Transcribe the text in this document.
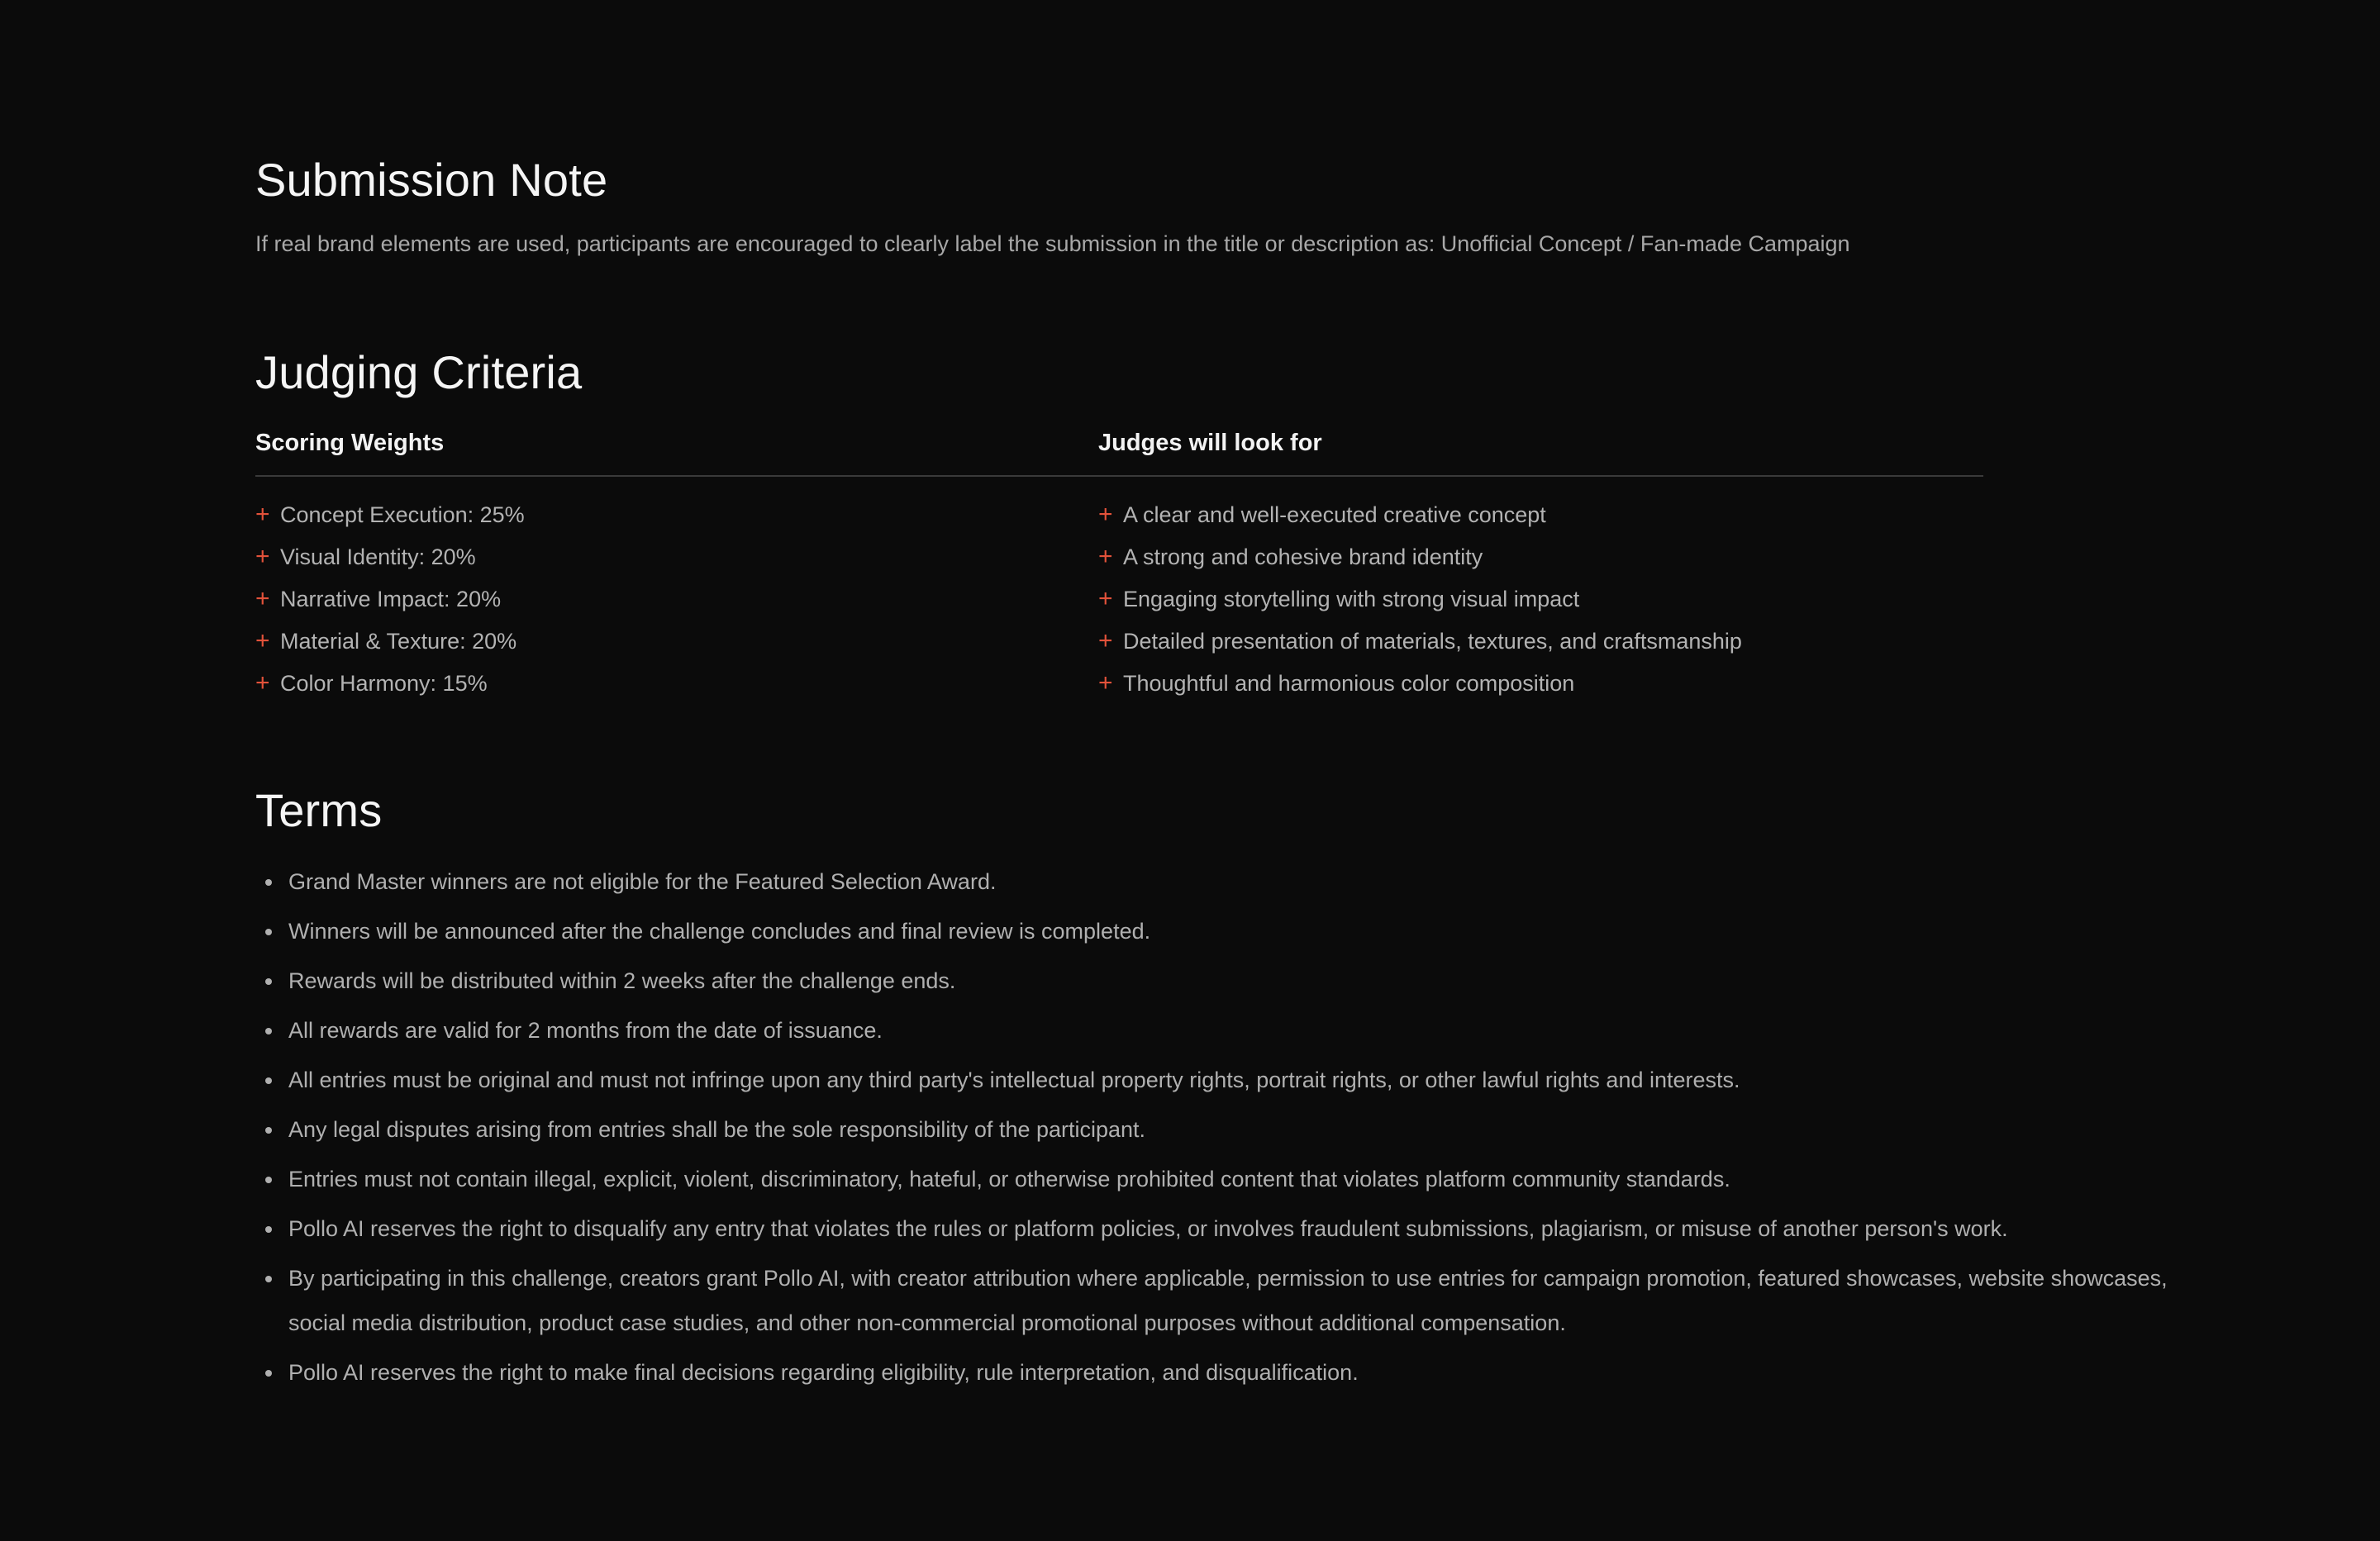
Submission Note

If real brand elements are used, participants are encouraged to clearly label the submission in the title or description as: Unofficial Concept / Fan-made Campaign

Judging Criteria
Scoring Weights
+ Concept Execution: 25%
+ Visual Identity: 20%
+ Narrative Impact: 20%
+ Material & Texture: 20%
+ Color Harmony: 15%
Judges will look for
+ A clear and well-executed creative concept
+ A strong and cohesive brand identity
+ Engaging storytelling with strong visual impact
+ Detailed presentation of materials, textures, and craftsmanship
+ Thoughtful and harmonious color composition
Terms
Grand Master winners are not eligible for the Featured Selection Award.
Winners will be announced after the challenge concludes and final review is completed.
Rewards will be distributed within 2 weeks after the challenge ends.
All rewards are valid for 2 months from the date of issuance.
All entries must be original and must not infringe upon any third party's intellectual property rights, portrait rights, or other lawful rights and interests.
Any legal disputes arising from entries shall be the sole responsibility of the participant.
Entries must not contain illegal, explicit, violent, discriminatory, hateful, or otherwise prohibited content that violates platform community standards.
Pollo AI reserves the right to disqualify any entry that violates the rules or platform policies, or involves fraudulent submissions, plagiarism, or misuse of another person's work.
By participating in this challenge, creators grant Pollo AI, with creator attribution where applicable, permission to use entries for campaign promotion, featured showcases, website showcases, social media distribution, product case studies, and other non-commercial promotional purposes without additional compensation.
Pollo AI reserves the right to make final decisions regarding eligibility, rule interpretation, and disqualification.
